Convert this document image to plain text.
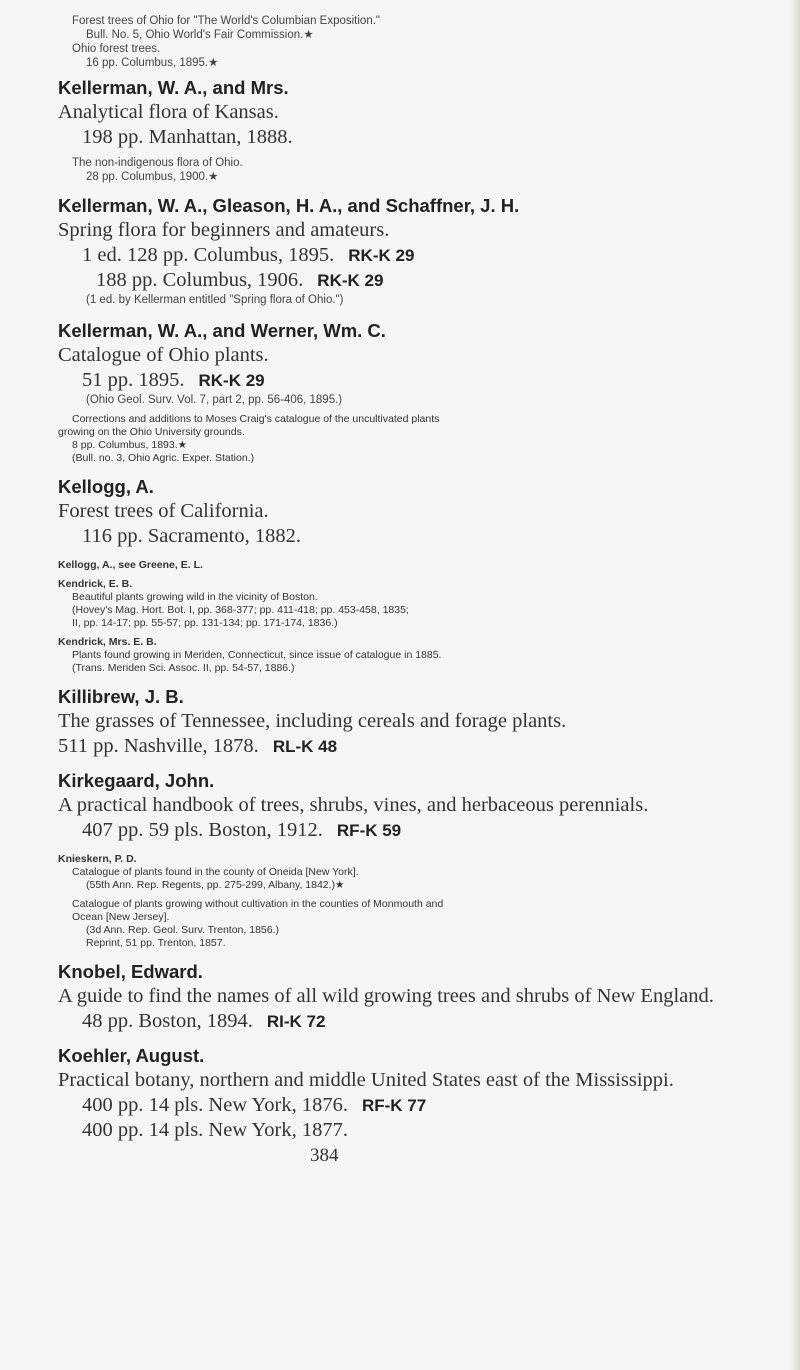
Forest trees of Ohio for "The World's Columbian Exposition."
Bull. No. 5, Ohio World's Fair Commission.★
Ohio forest trees.
16 pp. Columbus, 1895.★
Kellerman, W. A., and Mrs.
Analytical flora of Kansas.
198 pp. Manhattan, 1888.
The non-indigenous flora of Ohio.
28 pp. Columbus, 1900.★
Kellerman, W. A., Gleason, H. A., and Schaffner, J. H.
Spring flora for beginners and amateurs.
1 ed. 128 pp. Columbus, 1895. RK-K 29
188 pp. Columbus, 1906. RK-K 29
(1 ed. by Kellerman entitled "Spring flora of Ohio.")
Kellerman, W. A., and Werner, Wm. C.
Catalogue of Ohio plants.
51 pp. 1895. RK-K 29
(Ohio Geol. Surv. Vol. 7, part 2, pp. 56-406, 1895.)
Corrections and additions to Moses Craig's catalogue of the uncultivated plants
growing on the Ohio University grounds.
8 pp. Columbus, 1893.★
(Bull. no. 3, Ohio Agric. Exper. Station.)
Kellogg, A.
Forest trees of California.
116 pp. Sacramento, 1882.
Kellogg, A., see Greene, E. L.
Kendrick, E. B.
Beautiful plants growing wild in the vicinity of Boston.
(Hovey's Mag. Hort. Bot. I, pp. 368-377; pp. 411-418; pp. 453-458, 1835;
II, pp. 14-17; pp. 55-57; pp. 131-134; pp. 171-174, 1836.)
Kendrick, Mrs. E. B.
Plants found growing in Meriden, Connecticut, since issue of catalogue in 1885.
(Trans. Meriden Sci. Assoc. II, pp. 54-57, 1886.)
Killibrew, J. B.
The grasses of Tennessee, including cereals and forage plants.
511 pp. Nashville, 1878. RL-K 48
Kirkegaard, John.
A practical handbook of trees, shrubs, vines, and herbaceous perennials.
407 pp. 59 pls. Boston, 1912. RF-K 59
Knieskern, P. D.
Catalogue of plants found in the county of Oneida [New York].
(55th Ann. Rep. Regents, pp. 275-299, Albany, 1842.)★
Catalogue of plants growing without cultivation in the counties of Monmouth and
Ocean [New Jersey].
(3d Ann. Rep. Geol. Surv. Trenton, 1856.)
Reprint, 51 pp. Trenton, 1857.
Knobel, Edward.
A guide to find the names of all wild growing trees and shrubs of New England.
48 pp. Boston, 1894. RI-K 72
Koehler, August.
Practical botany, northern and middle United States east of the Mississippi.
400 pp. 14 pls. New York, 1876. RF-K 77
400 pp. 14 pls. New York, 1877.
384
